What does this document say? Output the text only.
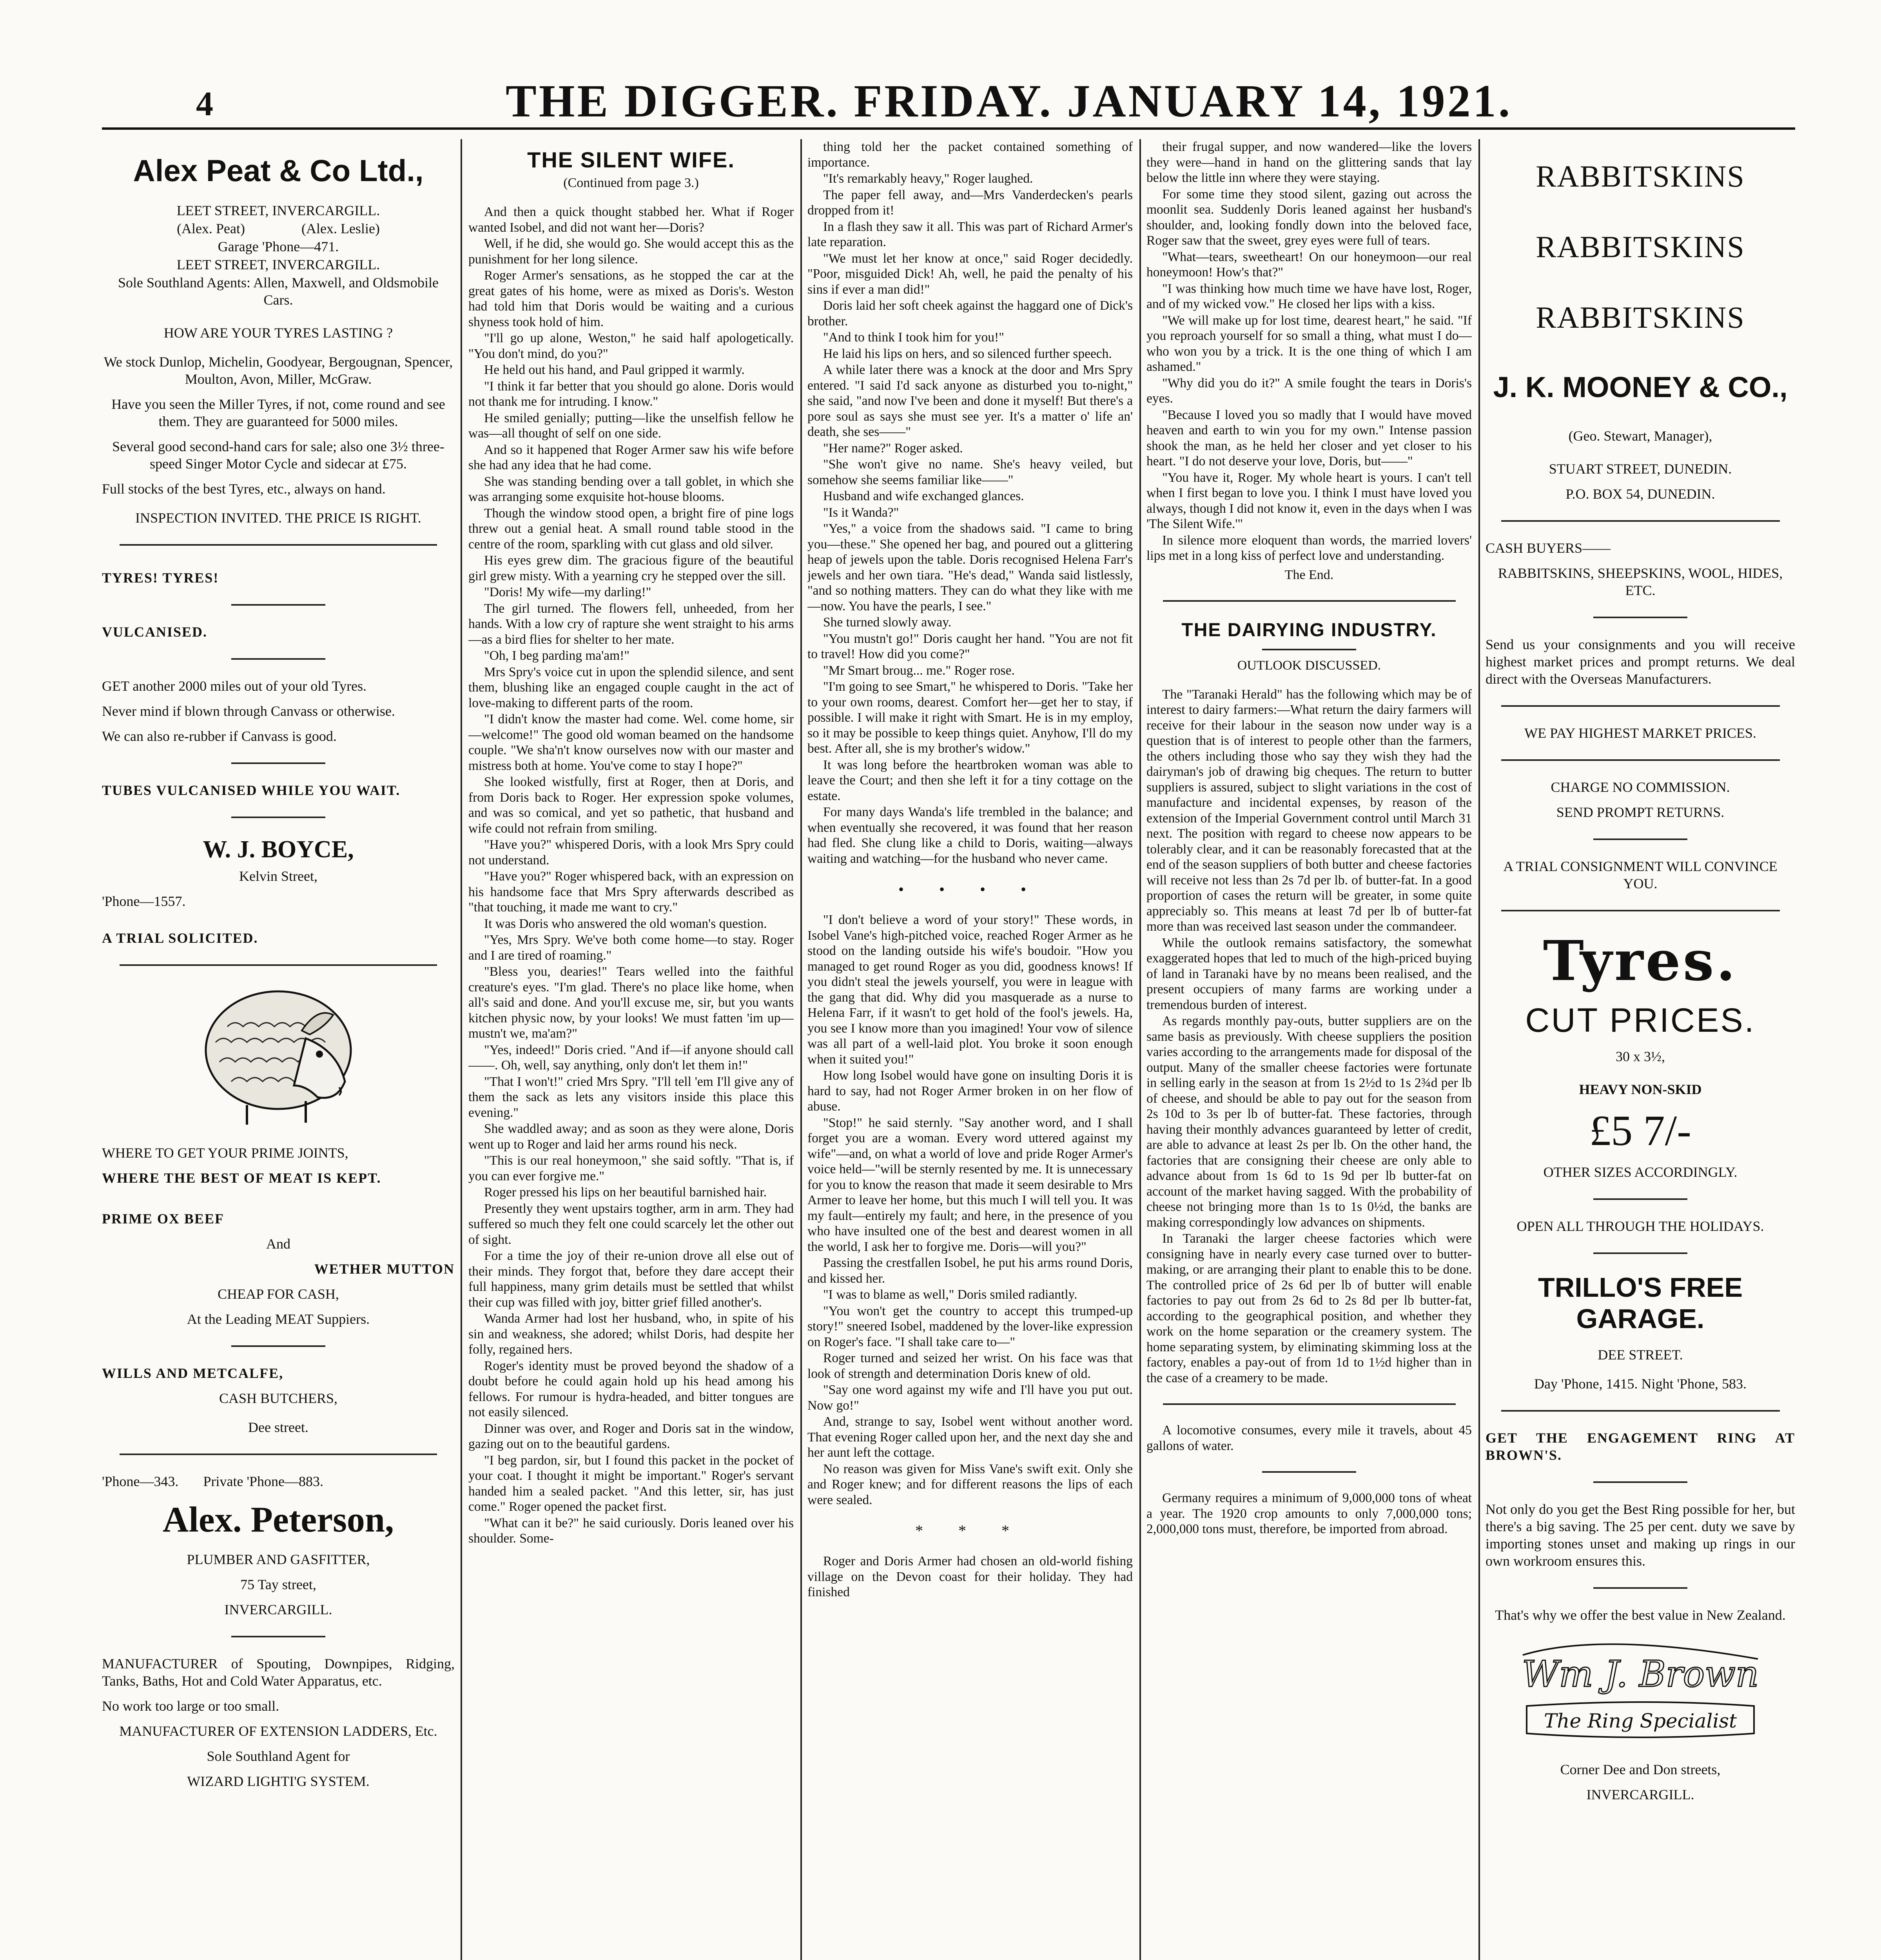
4	THE DIGGER. FRIDAY. JANUARY 14, 1921.
Alex Peat & Co Ltd.,

LEET STREET, INVERCARGILL.

(Alex. Peat)                (Alex. Leslie)

Garage 'Phone—471.

LEET STREET, INVERCARGILL.

Sole Southland Agents: Allen, Maxwell, and Oldsmobile Cars.

HOW ARE YOUR TYRES LASTING ?

We stock Dunlop, Michelin, Goodyear, Bergougnan, Spencer, Moulton, Avon, Miller, McGraw.

Have you seen the Miller Tyres, if not, come round and see them. They are guaranteed for 5000 miles.

Several good second-hand cars for sale; also one 3½ three-speed Singer Motor Cycle and sidecar at £75.

Full stocks of the best Tyres, etc., always on hand.

INSPECTION INVITED. THE PRICE IS RIGHT.

TYRES! TYRES!

VULCANISED.

GET another 2000 miles out of your old Tyres.

Never mind if blown through Canvass or otherwise.

We can also re-rubber if Canvass is good.

TUBES VULCANISED WHILE YOU WAIT.

W. J. BOYCE,

Kelvin Street,

'Phone—1557.

A TRIAL SOLICITED.

WHERE TO GET YOUR PRIME JOINTS,

WHERE THE BEST OF MEAT IS KEPT.

PRIME OX BEEF

And

WETHER MUTTON

CHEAP FOR CASH,

At the Leading MEAT Suppiers.

WILLS AND METCALFE,

CASH BUTCHERS,

Dee street.

'Phone—343.       Private 'Phone—883.

Alex. Peterson,

PLUMBER AND GASFITTER,

75 Tay street,

INVERCARGILL.

MANUFACTURER of Spouting, Downpipes, Ridging, Tanks, Baths, Hot and Cold Water Apparatus, etc.

No work too large or too small.

MANUFACTURER OF EXTENSION LADDERS, Etc.

Sole Southland Agent for

WIZARD LIGHTI'G SYSTEM.

THE SILENT WIFE.
(Continued from page 3.)

And then a quick thought stabbed her. What if Roger wanted Isobel, and did not want her—Doris?

Well, if he did, she would go. She would accept this as the punishment for her long silence.

Roger Armer's sensations, as he stopped the car at the great gates of his home, were as mixed as Doris's. Weston had told him that Doris would be waiting and a curious shyness took hold of him.

"I'll go up alone, Weston," he said half apologetically. "You don't mind, do you?"

He held out his hand, and Paul gripped it warmly.

"I think it far better that you should go alone. Doris would not thank me for intruding. I know."

He smiled genially; putting—like the unselfish fellow he was—all thought of self on one side.

And so it happened that Roger Armer saw his wife before she had any idea that he had come.

She was standing bending over a tall goblet, in which she was arranging some exquisite hot-house blooms.

Though the window stood open, a bright fire of pine logs threw out a genial heat. A small round table stood in the centre of the room, sparkling with cut glass and old silver.

His eyes grew dim. The gracious figure of the beautiful girl grew misty. With a yearning cry he stepped over the sill.

"Doris! My wife—my darling!"

The girl turned. The flowers fell, unheeded, from her hands. With a low cry of rapture she went straight to his arms—as a bird flies for shelter to her mate.

"Oh, I beg parding ma'am!"

Mrs Spry's voice cut in upon the splendid silence, and sent them, blushing like an engaged couple caught in the act of love-making to different parts of the room.

"I didn't know the master had come. Wel. come home, sir—welcome!" The good old woman beamed on the handsome couple. "We sha'n't know ourselves now with our master and mistress both at home. You've come to stay I hope?"

She looked wistfully, first at Roger, then at Doris, and from Doris back to Roger. Her expression spoke volumes, and was so comical, and yet so pathetic, that husband and wife could not refrain from smiling.

"Have you?" whispered Doris, with a look Mrs Spry could not understand.

"Have you?" Roger whispered back, with an expression on his handsome face that Mrs Spry afterwards described as "that touching, it made me want to cry."

It was Doris who answered the old woman's question.

"Yes, Mrs Spry. We've both come home—to stay. Roger and I are tired of roaming."

"Bless you, dearies!" Tears welled into the faithful creature's eyes. "I'm glad. There's no place like home, when all's said and done. And you'll excuse me, sir, but you wants kitchen physic now, by your looks! We must fatten 'im up—mustn't we, ma'am?"

"Yes, indeed!" Doris cried. "And if—if anyone should call——. Oh, well, say anything, only don't let them in!"

"That I won't!" cried Mrs Spry. "I'll tell 'em I'll give any of them the sack as lets any visitors inside this place this evening."

She waddled away; and as soon as they were alone, Doris went up to Roger and laid her arms round his neck.

"This is our real honeymoon," she said softly. "That is, if you can ever forgive me."

Roger pressed his lips on her beautiful barnished hair.

Presently they went upstairs togther, arm in arm. They had suffered so much they felt one could scarcely let the other out of sight.

For a time the joy of their re-union drove all else out of their minds. They forgot that, before they dare accept their full happiness, many grim details must be settled that whilst their cup was filled with joy, bitter grief filled another's.

Wanda Armer had lost her husband, who, in spite of his sin and weakness, she adored; whilst Doris, had despite her folly, regained hers.

Roger's identity must be proved beyond the shadow of a doubt before he could again hold up his head among his fellows. For rumour is hydra-headed, and bitter tongues are not easily silenced.

Dinner was over, and Roger and Doris sat in the window, gazing out on to the beautiful gardens.

"I beg pardon, sir, but I found this packet in the pocket of your coat. I thought it might be important." Roger's servant handed him a sealed packet. "And this letter, sir, has just come." Roger opened the packet first.

"What can it be?" he said curiously. Doris leaned over his shoulder. Some-

thing told her the packet contained something of importance.

"It's remarkably heavy," Roger laughed.

The paper fell away, and—Mrs Vanderdecken's pearls dropped from it!

In a flash they saw it all. This was part of Richard Armer's late reparation.

"We must let her know at once," said Roger decidedly. "Poor, misguided Dick! Ah, well, he paid the penalty of his sins if ever a man did!"

Doris laid her soft cheek against the haggard one of Dick's brother.

"And to think I took him for you!"

He laid his lips on hers, and so silenced further speech.

A while later there was a knock at the door and Mrs Spry entered. "I said I'd sack anyone as disturbed you to-night," she said, "and now I've been and done it myself! But there's a pore soul as says she must see yer. It's a matter o' life an' death, she ses——"

"Her name?" Roger asked.

"She won't give no name. She's heavy veiled, but somehow she seems familiar like——"

Husband and wife exchanged glances.

"Is it Wanda?"

"Yes," a voice from the shadows said. "I came to bring you—these." She opened her bag, and poured out a glittering heap of jewels upon the table. Doris recognised Helena Farr's jewels and her own tiara. "He's dead," Wanda said listlessly, "and so nothing matters. They can do what they like with me—now. You have the pearls, I see."

She turned slowly away.

"You mustn't go!" Doris caught her hand. "You are not fit to travel! How did you come?"

"Mr Smart broug... me." Roger rose.

"I'm going to see Smart," he whispered to Doris. "Take her to your own rooms, dearest. Comfort her—get her to stay, if possible. I will make it right with Smart. He is in my employ, so it may be possible to keep things quiet. Anyhow, I'll do my best. After all, she is my brother's widow."

It was long before the heartbroken woman was able to leave the Court; and then she left it for a tiny cottage on the estate.

For many days Wanda's life trembled in the balance; and when eventually she recovered, it was found that her reason had fled. She clung like a child to Doris, waiting—always waiting and watching—for the husband who never came.

• • • •

"I don't believe a word of your story!" These words, in Isobel Vane's high-pitched voice, reached Roger Armer as he stood on the landing outside his wife's boudoir. "How you managed to get round Roger as you did, goodness knows! If you didn't steal the jewels yourself, you were in league with the gang that did. Why did you masquerade as a nurse to Helena Farr, if it wasn't to get hold of the fool's jewels. Ha, you see I know more than you imagined! Your vow of silence was all part of a well-laid plot. You broke it soon enough when it suited you!"

How long Isobel would have gone on insulting Doris it is hard to say, had not Roger Armer broken in on her flow of abuse.

"Stop!" he said sternly. "Say another word, and I shall forget you are a woman. Every word uttered against my wife"—and, on what a world of love and pride Roger Armer's voice held—"will be sternly resented by me. It is unnecessary for you to know the reason that made it seem desirable to Mrs Armer to leave her home, but this much I will tell you. It was my fault—entirely my fault; and here, in the presence of you who have insulted one of the best and dearest women in all the world, I ask her to forgive me. Doris—will you?"

Passing the crestfallen Isobel, he put his arms round Doris, and kissed her.

"I was to blame as well," Doris smiled radiantly.

"You won't get the country to accept this trumped-up story!" sneered Isobel, maddened by the lover-like expression on Roger's face. "I shall take care to—"

Roger turned and seized her wrist. On his face was that look of strength and determination Doris knew of old.

"Say one word against my wife and I'll have you put out. Now go!"

And, strange to say, Isobel went without another word. That evening Roger called upon her, and the next day she and her aunt left the cottage.

No reason was given for Miss Vane's swift exit. Only she and Roger knew; and for different reasons the lips of each were sealed.

* * *

Roger and Doris Armer had chosen an old-world fishing village on the Devon coast for their holiday. They had finished

their frugal supper, and now wandered—like the lovers they were—hand in hand on the glittering sands that lay below the little inn where they were staying.

For some time they stood silent, gazing out across the moonlit sea. Suddenly Doris leaned against her husband's shoulder, and, looking fondly down into the beloved face, Roger saw that the sweet, grey eyes were full of tears.

"What—tears, sweetheart! On our honeymoon—our real honeymoon! How's that?"

"I was thinking how much time we have have lost, Roger, and of my wicked vow." He closed her lips with a kiss.

"We will make up for lost time, dearest heart," he said. "If you reproach yourself for so small a thing, what must I do—who won you by a trick. It is the one thing of which I am ashamed."

"Why did you do it?" A smile fought the tears in Doris's eyes.

"Because I loved you so madly that I would have moved heaven and earth to win you for my own." Intense passion shook the man, as he held her closer and yet closer to his heart. "I do not deserve your love, Doris, but——"

"You have it, Roger. My whole heart is yours. I can't tell when I first began to love you. I think I must have loved you always, though I did not know it, even in the days when I was 'The Silent Wife.'"

In silence more eloquent than words, the married lovers' lips met in a long kiss of perfect love and understanding.

The End.
THE DAIRYING INDUSTRY.
OUTLOOK DISCUSSED.

The "Taranaki Herald" has the following which may be of interest to dairy farmers:—What return the dairy farmers will receive for their labour in the season now under way is a question that is of interest to people other than the farmers, the others including those who say they wish they had the dairyman's job of drawing big cheques. The return to butter suppliers is assured, subject to slight variations in the cost of manufacture and incidental expenses, by reason of the extension of the Imperial Government control until March 31 next. The position with regard to cheese now appears to be tolerably clear, and it can be reasonably forecasted that at the end of the season suppliers of both butter and cheese factories will receive not less than 2s 7d per lb. of butter-fat. In a good proportion of cases the return will be greater, in some quite appreciably so. This means at least 7d per lb of butter-fat more than was received last season under the commandeer.

While the outlook remains satisfactory, the somewhat exaggerated hopes that led to much of the high-priced buying of land in Taranaki have by no means been realised, and the present occupiers of many farms are working under a tremendous burden of interest.

As regards monthly pay-outs, butter suppliers are on the same basis as previously. With cheese suppliers the position varies according to the arrangements made for disposal of the output. Many of the smaller cheese factories were fortunate in selling early in the season at from 1s 2½d to 1s 2¾d per lb of cheese, and should be able to pay out for the season from 2s 10d to 3s per lb of butter-fat. These factories, through having their monthly advances guaranteed by letter of credit, are able to advance at least 2s per lb. On the other hand, the factories that are consigning their cheese are only able to advance about from 1s 6d to 1s 9d per lb butter-fat on account of the market having sagged. With the probability of cheese not bringing more than 1s to 1s 0½d, the banks are making correspondingly low advances on shipments.

In Taranaki the larger cheese factories which were consigning have in nearly every case turned over to butter-making, or are arranging their plant to enable this to be done. The controlled price of 2s 6d per lb of butter will enable factories to pay out from 2s 6d to 2s 8d per lb butter-fat, according to the geographical position, and whether they work on the home separation or the creamery system. The home separating system, by eliminating skimming loss at the factory, enables a pay-out of from 1d to 1½d higher than in the case of a creamery to be made.

A locomotive consumes, every mile it travels, about 45 gallons of water.

Germany requires a minimum of 9,000,000 tons of wheat a year. The 1920 crop amounts to only 7,000,000 tons; 2,000,000 tons must, therefore, be imported from abroad.

RABBITSKINS
RABBITSKINS
RABBITSKINS
J. K. MOONEY & CO.,

(Geo. Stewart, Manager),

STUART STREET, DUNEDIN.

P.O. BOX 54, DUNEDIN.

CASH BUYERS——

RABBITSKINS, SHEEPSKINS, WOOL, HIDES, ETC.

Send us your consignments and you will receive highest market prices and prompt returns. We deal direct with the Overseas Manufacturers.

WE PAY HIGHEST MARKET PRICES.

CHARGE NO COMMISSION.

SEND PROMPT RETURNS.

A TRIAL CONSIGNMENT WILL CONVINCE YOU.

Tyres.
CUT PRICES.

30 x 3½,

HEAVY NON-SKID

£5 7/-

OTHER SIZES ACCORDINGLY.

OPEN ALL THROUGH THE HOLIDAYS.

TRILLO'S FREE GARAGE.

DEE STREET.

Day 'Phone, 1415. Night 'Phone, 583.

GET THE ENGAGEMENT RING AT BROWN'S.

Not only do you get the Best Ring possible for her, but there's a big saving. The 25 per cent. duty we save by importing stones unset and making up rings in our own workroom ensures this.

That's why we offer the best value in New Zealand.

Wm J. Brown
The Ring Specialist

Corner Dee and Don streets,

INVERCARGILL.
